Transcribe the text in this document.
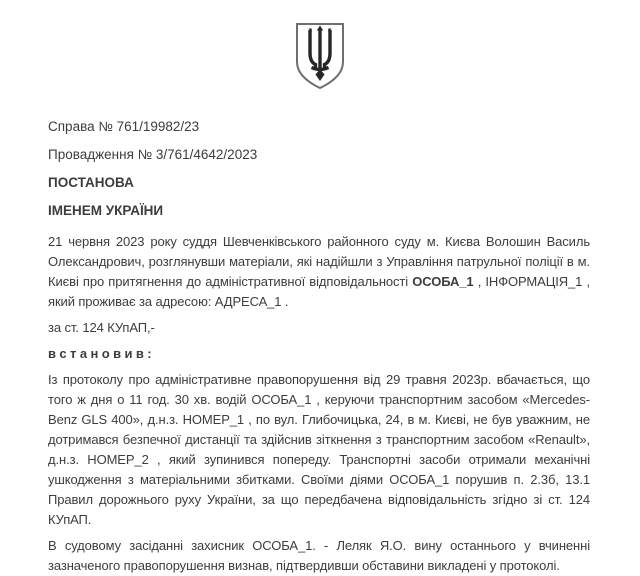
Справа № 761/19982/23

Провадження № 3/761/4642/2023

ПОСТАНОВА

ІМЕНЕМ УКРАЇНИ

21 червня 2023 року суддя Шевченківського районного суду м. Києва Волошин Василь Олександрович, розглянувши матеріали, які надійшли з Управління патрульної поліції в м. Києві про притягнення до адміністративної відповідальності ОСОБА_1 , ІНФОРМАЦІЯ_1 , який проживає за адресою: АДРЕСА_1 .

за ст. 124 КУпАП,-

в с т а н о в и в :

Із протоколу про адміністративне правопорушення від 29 травня 2023р. вбачається, що того ж дня о 11 год. 30 хв. водій ОСОБА_1 , керуючи транспортним засобом «Mercedes-Benz GLS 400», д.н.з. НОМЕР_1 , по вул. Глибочицька, 24, в м. Києві, не був уважним, не дотримався безпечної дистанції та здійснив зіткнення з транспортним засобом «Renault», д.н.з. НОМЕР_2 , який зупинився попереду. Транспортні засоби отримали механічні ушкодження з матеріальними збитками. Своїми діями ОСОБА_1 порушив п. 2.3б, 13.1 Правил дорожнього руху України, за що передбачена відповідальність згідно зі ст. 124 КУпАП.

В судовому засіданні захисник ОСОБА_1. - Леляк Я.О. вину останнього у вчиненні зазначеного правопорушення визнав, підтвердивши обставини викладені у протоколі.
